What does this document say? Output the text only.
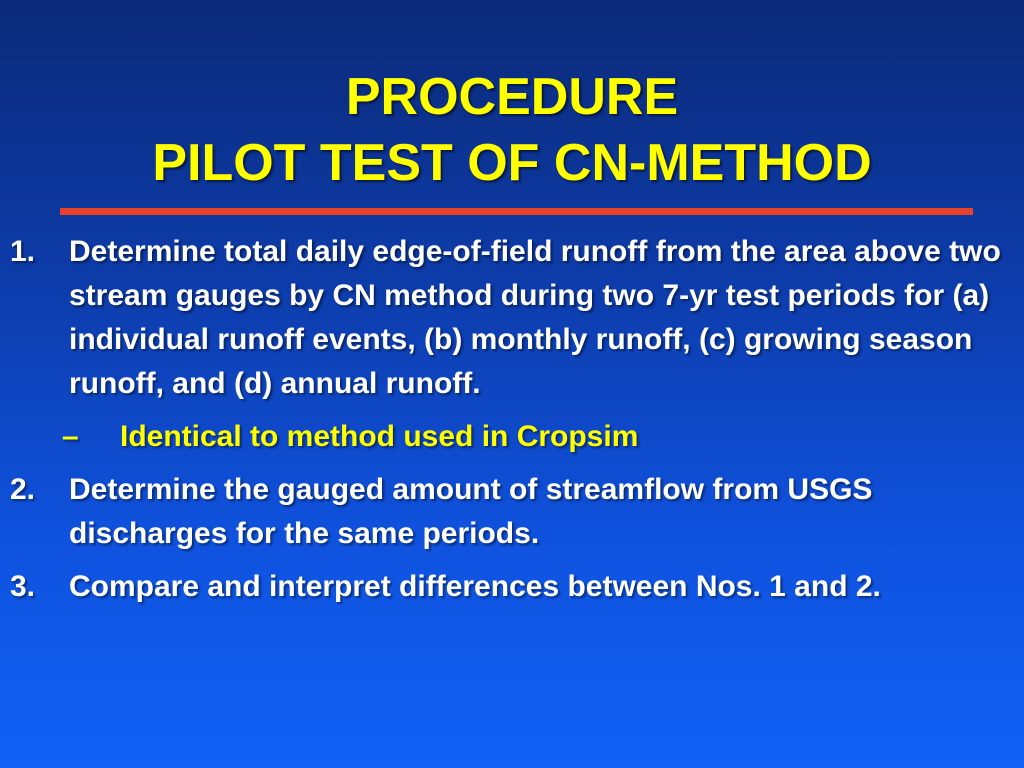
PROCEDURE
PILOT TEST OF CN-METHOD
1. Determine total daily edge-of-field runoff from the area above two stream gauges by CN method during two 7-yr test periods for (a) individual runoff events, (b) monthly runoff, (c) growing season runoff, and (d) annual runoff.
– Identical to method used in Cropsim
2. Determine the gauged amount of streamflow from USGS discharges for the same periods.
3. Compare and interpret differences between Nos. 1 and 2.
